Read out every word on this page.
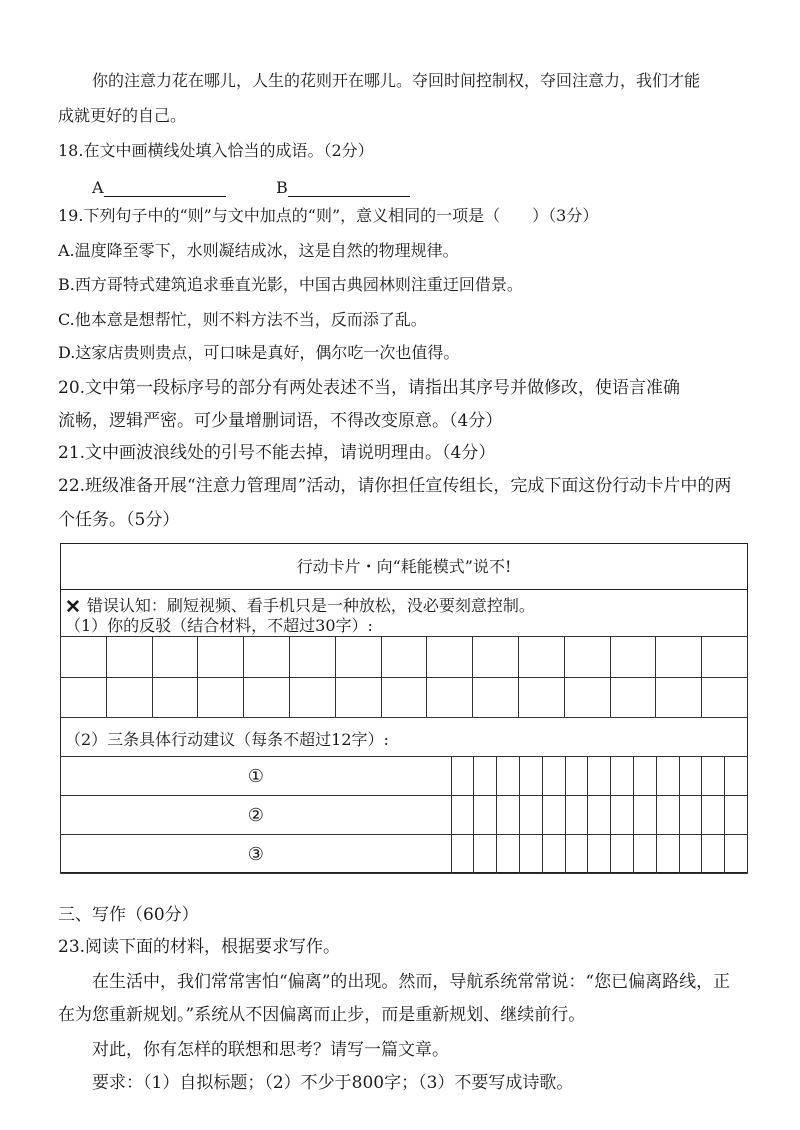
你的注意力花在哪儿，人生的花则开在哪儿。夺回时间控制权，夺回注意力，我们才能
成就更好的自己。
18.在文中画横线处填入恰当的成语。（2分）
A	B
19.下列句子中的“则”与文中加点的“则”，意义相同的一项是（　　）（3分）
A.温度降至零下，水则凝结成冰，这是自然的物理规律。
B.西方哥特式建筑追求垂直光影，中国古典园林则注重迂回借景。
C.他本意是想帮忙，则不料方法不当，反而添了乱。
D.这家店贵则贵点，可口味是真好，偶尔吃一次也值得。
20.文中第一段标序号的部分有两处表述不当，请指出其序号并做修改，使语言准确
流畅，逻辑严密。可少量增删词语，不得改变原意。（4分）
21.文中画波浪线处的引号不能去掉，请说明理由。（4分）
22.班级准备开展“注意力管理周”活动，请你担任宣传组长，完成下面这份行动卡片中的两
个任务。（5分）
行动卡片・向“耗能模式”说不!
✕ 错误认知：刷短视频、看手机只是一种放松，没必要刻意控制。
（1）你的反驳（结合材料，不超过30字）:

（2）三条具体行动建议（每条不超过12字）:
①													
②													
③													
三、写作（60分）
23.阅读下面的材料，根据要求写作。
在生活中，我们常常害怕“偏离”的出现。然而，导航系统常常说：“您已偏离路线，正
在为您重新规划。”系统从不因偏离而止步，而是重新规划、继续前行。
对此，你有怎样的联想和思考？请写一篇文章。
要求：（1）自拟标题；（2）不少于800字；（3）不要写成诗歌。
